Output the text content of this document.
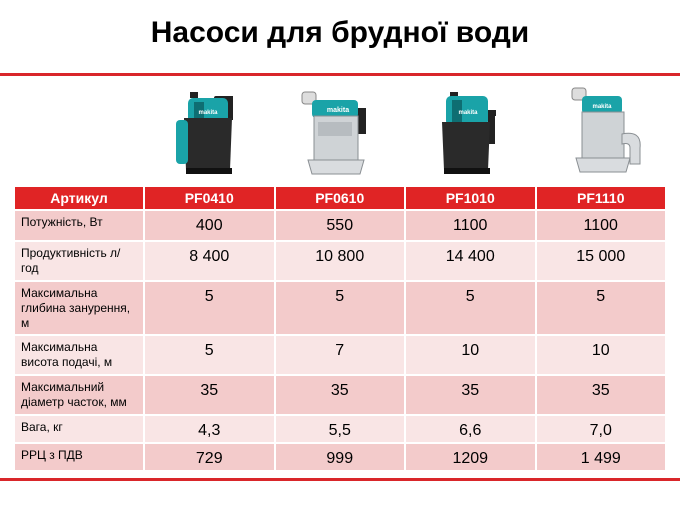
Насоси для брудної води
makita	makita	makita
makita
Артикул	PF0410	PF0610	PF1010	PF1110
Потужність, Вт	400	550	1100	1100
Продуктивність л/год	8 400	10 800	14 400	15 000
Максимальна глибина занурення, м	5	5	5	5
Максимальна висота подачі, м	5	7	10	10
Максимальний діаметр часток, мм	35	35	35	35
Вага, кг	4,3	5,5	6,6	7,0
РРЦ з ПДВ	729	999	1209	1 499
